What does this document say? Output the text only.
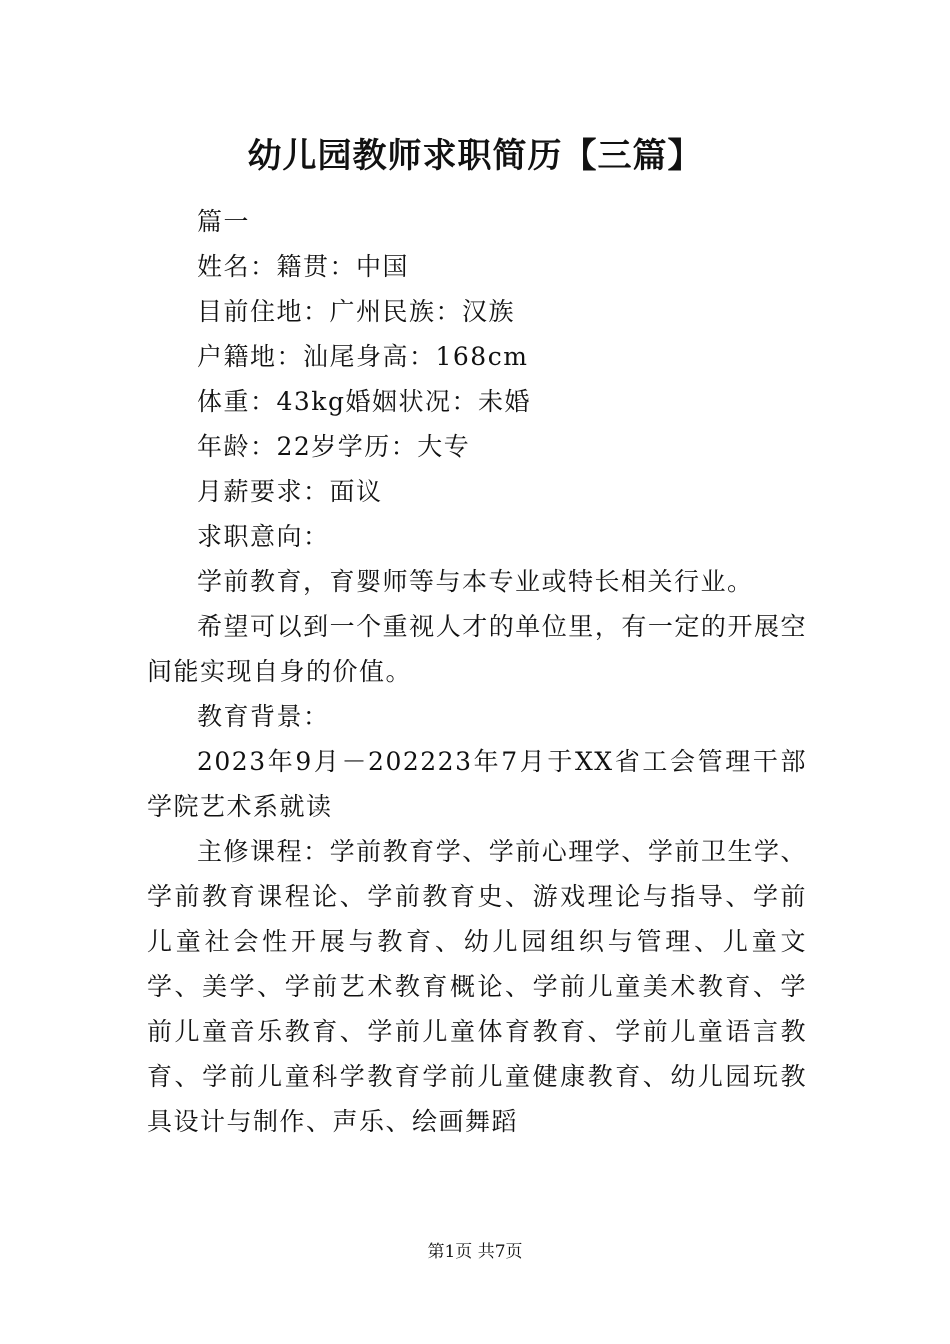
幼儿园教师求职简历【三篇】

篇一

姓名：籍贯：中国

目前住地：广州民族：汉族

户籍地：汕尾身高：168cm

体重：43kg婚姻状况：未婚

年龄：22岁学历：大专

月薪要求：面议

求职意向：

学前教育，育婴师等与本专业或特长相关行业。

希望可以到一个重视人才的单位里，有一定的开展空间能实现自身的价值。

教育背景：

2023年9月－202223年7月于XX省工会管理干部学院艺术系就读

主修课程：学前教育学、学前心理学、学前卫生学、学前教育课程论、学前教育史、游戏理论与指导、学前儿童社会性开展与教育、幼儿园组织与管理、儿童文学、美学、学前艺术教育概论、学前儿童美术教育、学前儿童音乐教育、学前儿童体育教育、学前儿童语言教育、学前儿童科学教育学前儿童健康教育、幼儿园玩教具设计与制作、声乐、绘画舞蹈

第1页 共7页
